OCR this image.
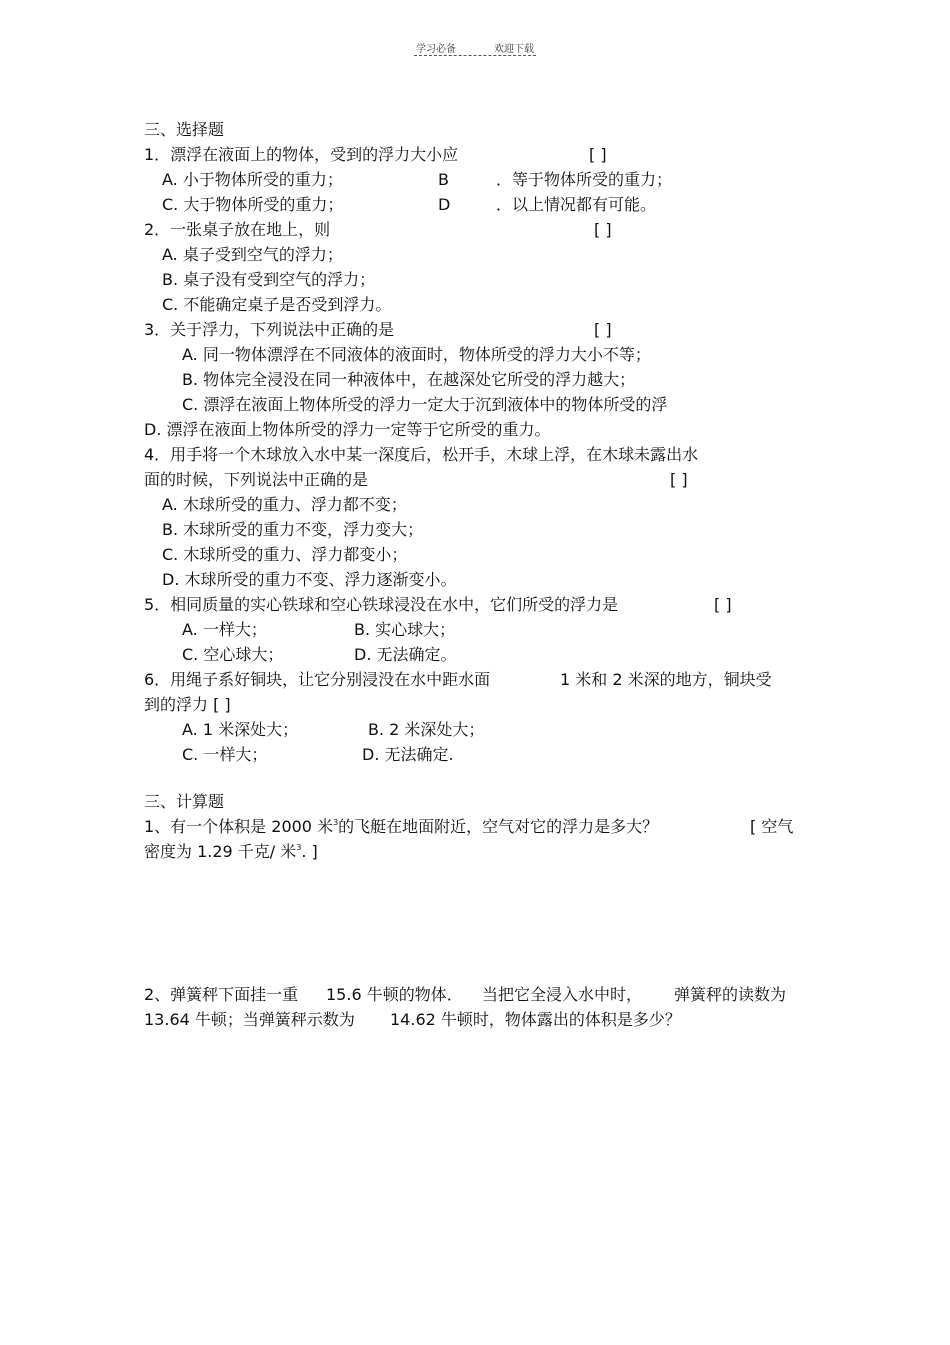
学习必备	欢迎下载
三、选择题
1．漂浮在液面上的物体，受到的浮力大小应	[ ]
A. 小于物体所受的重力；	B	．等于物体所受的重力；
C. 大于物体所受的重力；	D	．以上情况都有可能。
2．一张桌子放在地上，则	[ ]
A. 桌子受到空气的浮力；
B. 桌子没有受到空气的浮力；
C. 不能确定桌子是否受到浮力。
3．关于浮力，下列说法中正确的是	[ ]
A. 同一物体漂浮在不同液体的液面时，物体所受的浮力大小不等；
B. 物体完全浸没在同一种液体中，在越深处它所受的浮力越大；
C. 漂浮在液面上物体所受的浮力一定大于沉到液体中的物体所受的浮
D. 漂浮在液面上物体所受的浮力一定等于它所受的重力。
4．用手将一个木球放入水中某一深度后，松开手，木球上浮，在木球未露出水
面的时候，下列说法中正确的是	[ ]
A. 木球所受的重力、浮力都不变；
B. 木球所受的重力不变，浮力变大；
C. 木球所受的重力、浮力都变小；
D. 木球所受的重力不变、浮力逐渐变小。
5．相同质量的实心铁球和空心铁球浸没在水中，它们所受的浮力是	[ ]
A. 一样大；	B. 实心球大；
C. 空心球大；	D. 无法确定。
6．用绳子系好铜块，让它分别浸没在水中距水面	1 米和 2 米深的地方，铜块受
到的浮力 [ ]
A. 1 米深处大；	B. 2 米深处大；
C. 一样大；	D. 无法确定.
三、计算题
1、有一个体积是 2000 米$^3$的飞艇在地面附近，空气对它的浮力是多大？	[ 空气
密度为 1.29 千克/ 米$^3$. ]
2、弹簧秤下面挂一重 15.6 牛顿的物体． 当把它全浸入水中时， 弹簧秤的读数为
13.64 牛顿；当弹簧秤示数为 14.62 牛顿时，物体露出的体积是多少？
